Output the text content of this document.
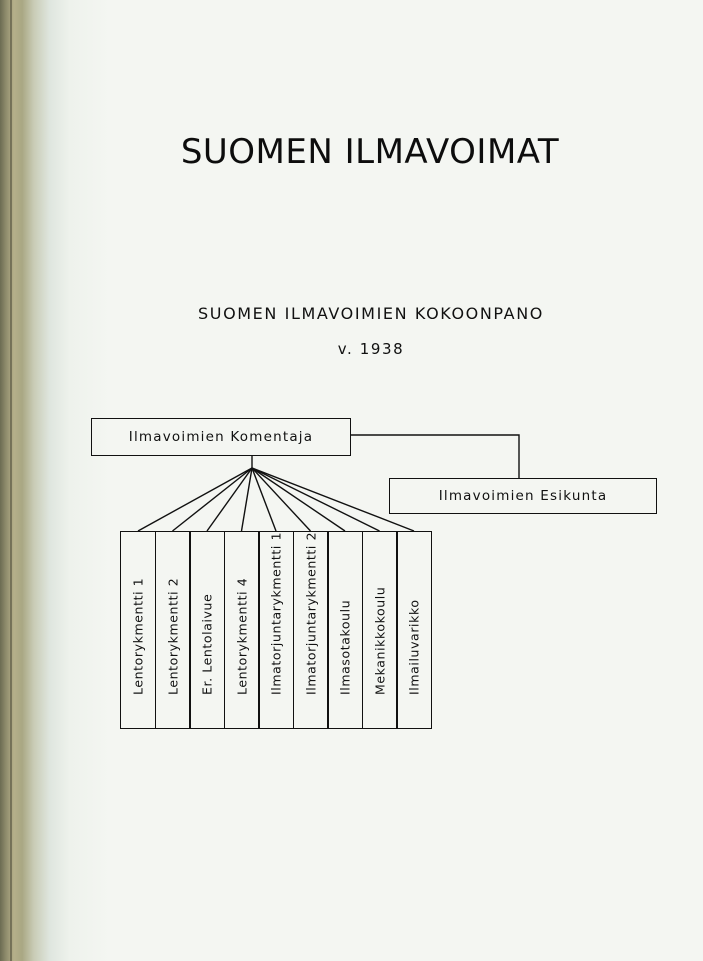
SUOMEN ILMAVOIMAT
SUOMEN ILMAVOIMIEN KOKOONPANO
v. 1938
Ilmavoimien Komentaja
Ilmavoimien Esikunta
Lentorykmentti 1 Lentorykmentti 2 Er. Lentolaivue Lentorykmentti 4 Ilmatorjuntarykmentti 1 Ilmatorjuntarykmentti 2 Ilmasotakoulu Mekanikkokoulu Ilmailuvarikko
